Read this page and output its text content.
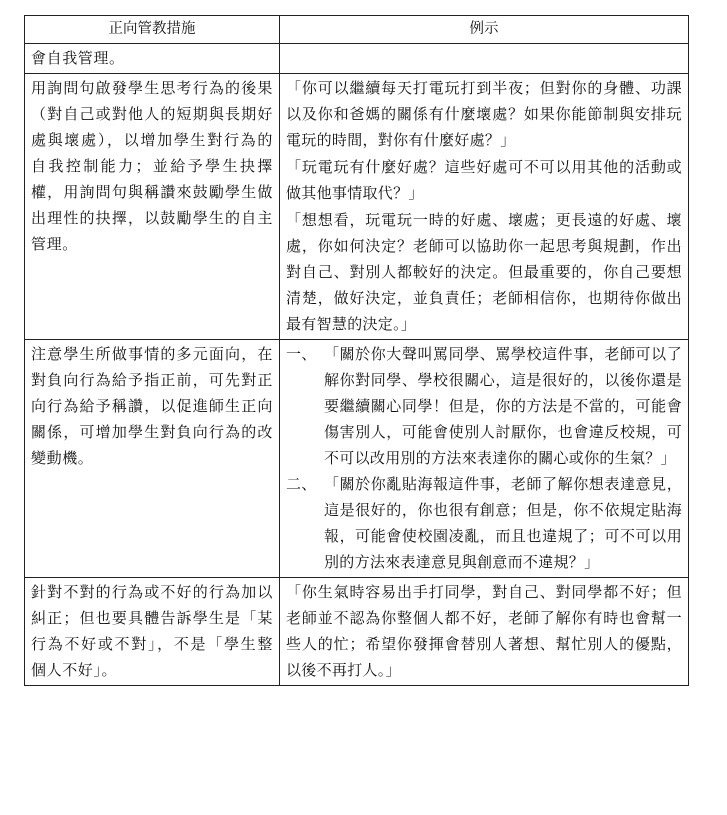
正向管教措施	例示
會自我管理。	
用詢問句啟發學生思考行為的後果（對自己或對他人的短期與長期好處與壞處），以增加學生對行為的自我控制能力；並給予學生抉擇權，用詢問句與稱讚來鼓勵學生做出理性的抉擇，以鼓勵學生的自主管理。	「你可以繼續每天打電玩打到半夜；但對你的身體、功課以及你和爸媽的關係有什麼壞處？如果你能節制與安排玩電玩的時間，對你有什麼好處？」

「玩電玩有什麼好處？這些好處可不可以用其他的活動或做其他事情取代？」

「想想看，玩電玩一時的好處、壞處；更長遠的好處、壞處，你如何決定？老師可以協助你一起思考與規劃，作出對自己、對別人都較好的決定。但最重要的，你自己要想清楚，做好決定，並負責任；老師相信你，也期待你做出最有智慧的決定。」

注意學生所做事情的多元面向，在對負向行為給予指正前，可先對正向行為給予稱讚，以促進師生正向關係，可增加學生對負向行為的改變動機。	一、 「關於你大聲叫罵同學、罵學校這件事，老師可以了解你對同學、學校很關心，這是很好的，以後你還是要繼續關心同學！但是，你的方法是不當的，可能會傷害別人，可能會使別人討厭你，也會違反校規，可不可以改用別的方法來表達你的關心或你的生氣？」
二、 「關於你亂貼海報這件事，老師了解你想表達意見，這是很好的，你也很有創意；但是，你不依規定貼海報，可能會使校園凌亂，而且也違規了；可不可以用別的方法來表達意見與創意而不違規？」

針對不對的行為或不好的行為加以糾正；但也要具體告訴學生是「某行為不好或不對」，不是「學生整個人不好」。	「你生氣時容易出手打同學，對自己、對同學都不好；但老師並不認為你整個人都不好，老師了解你有時也會幫一些人的忙；希望你發揮會替別人著想、幫忙別人的優點，以後不再打人。」
